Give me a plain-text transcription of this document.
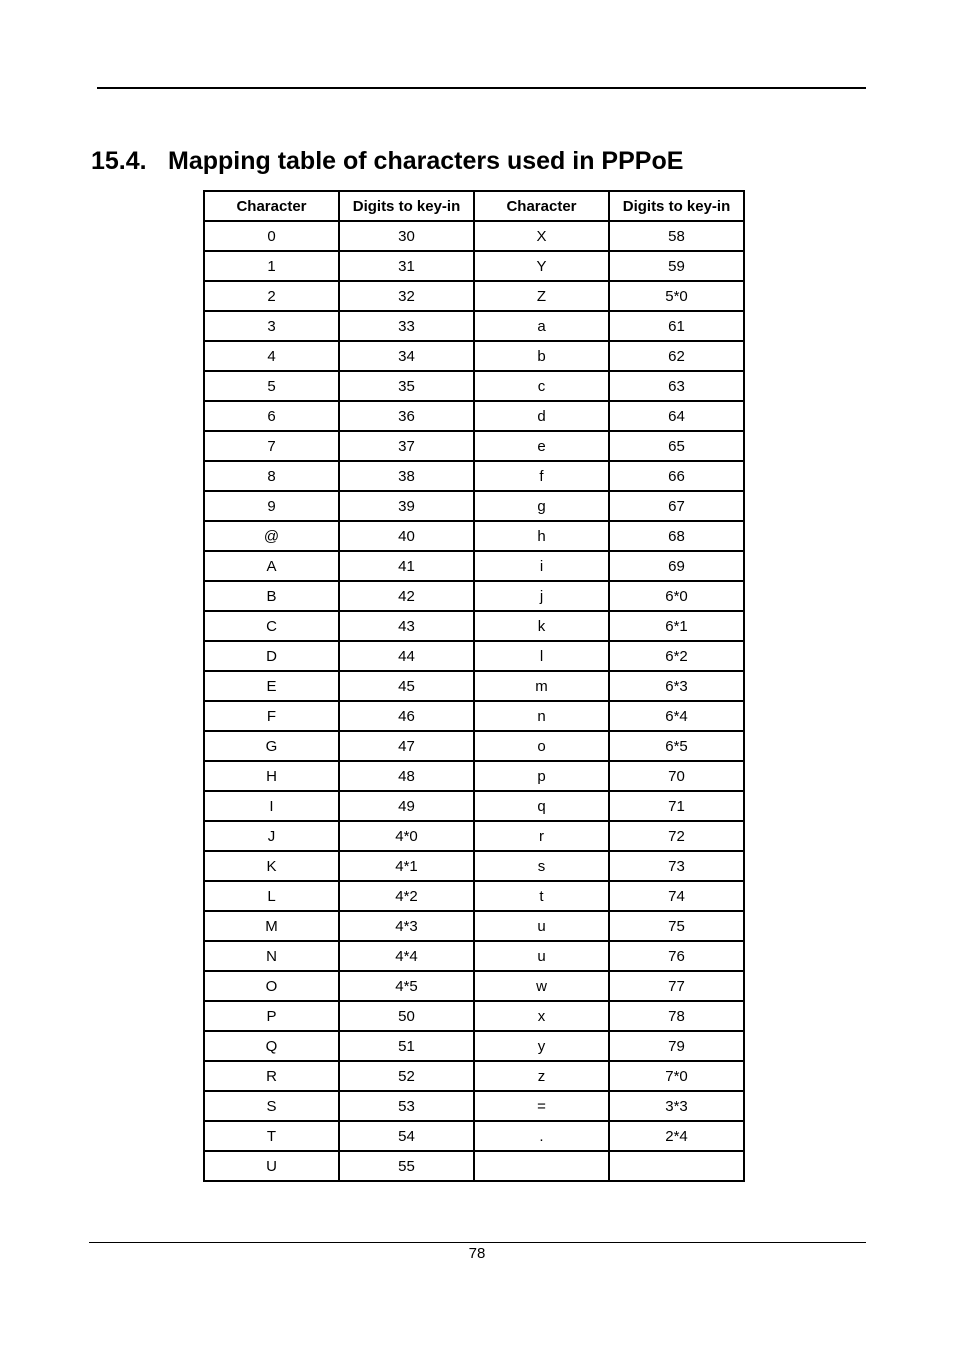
15.4. Mapping table of characters used in PPPoE
Character	Digits to key-in	Character	Digits to key-in
0	30	X	58
1	31	Y	59
2	32	Z	5*0
3	33	a	61
4	34	b	62
5	35	c	63
6	36	d	64
7	37	e	65
8	38	f	66
9	39	g	67
@	40	h	68
A	41	i	69
B	42	j	6*0
C	43	k	6*1
D	44	l	6*2
E	45	m	6*3
F	46	n	6*4
G	47	o	6*5
H	48	p	70
I	49	q	71
J	4*0	r	72
K	4*1	s	73
L	4*2	t	74
M	4*3	u	75
N	4*4	u	76
O	4*5	w	77
P	50	x	78
Q	51	y	79
R	52	z	7*0
S	53	=	3*3
T	54	.	2*4
U	55		
78
